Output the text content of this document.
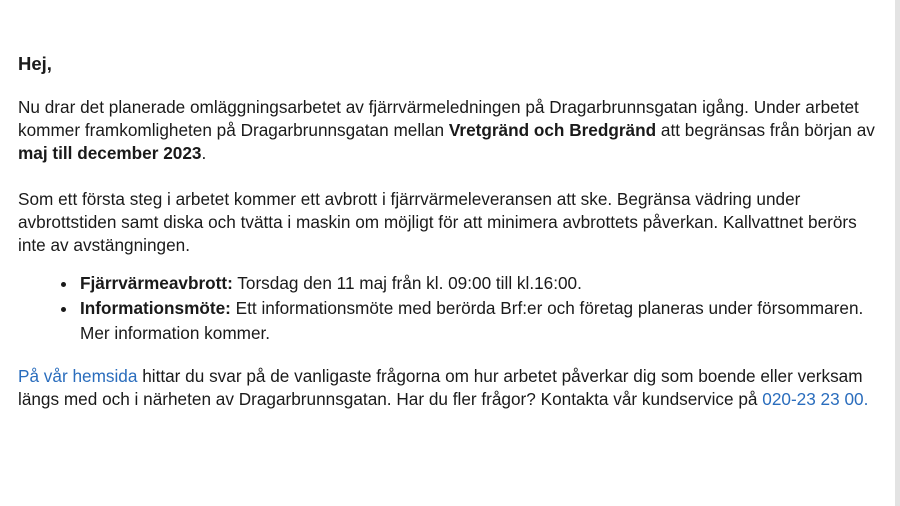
Hej,

Nu drar det planerade omläggningsarbetet av fjärrvärmeledningen på Dragarbrunnsgatan igång. Under arbetet kommer framkomligheten på Dragarbrunnsgatan mellan Vretgränd och Bredgränd att begränsas från början av maj till december 2023.

Som ett första steg i arbetet kommer ett avbrott i fjärrvärmeleveransen att ske. Begränsa vädring under avbrottstiden samt diska och tvätta i maskin om möjligt för att minimera avbrottets påverkan. Kallvattnet berörs inte av avstängningen.

• Fjärrvärmeavbrott: Torsdag den 11 maj från kl. 09:00 till kl.16:00.
• Informationsmöte: Ett informationsmöte med berörda Brf:er och företag planeras under försommaren. Mer information kommer.

På vår hemsida hittar du svar på de vanligaste frågorna om hur arbetet påverkar dig som boende eller verksam längs med och i närheten av Dragarbrunnsgatan. Har du fler frågor? Kontakta vår kundservice på 020-23 23 00.
